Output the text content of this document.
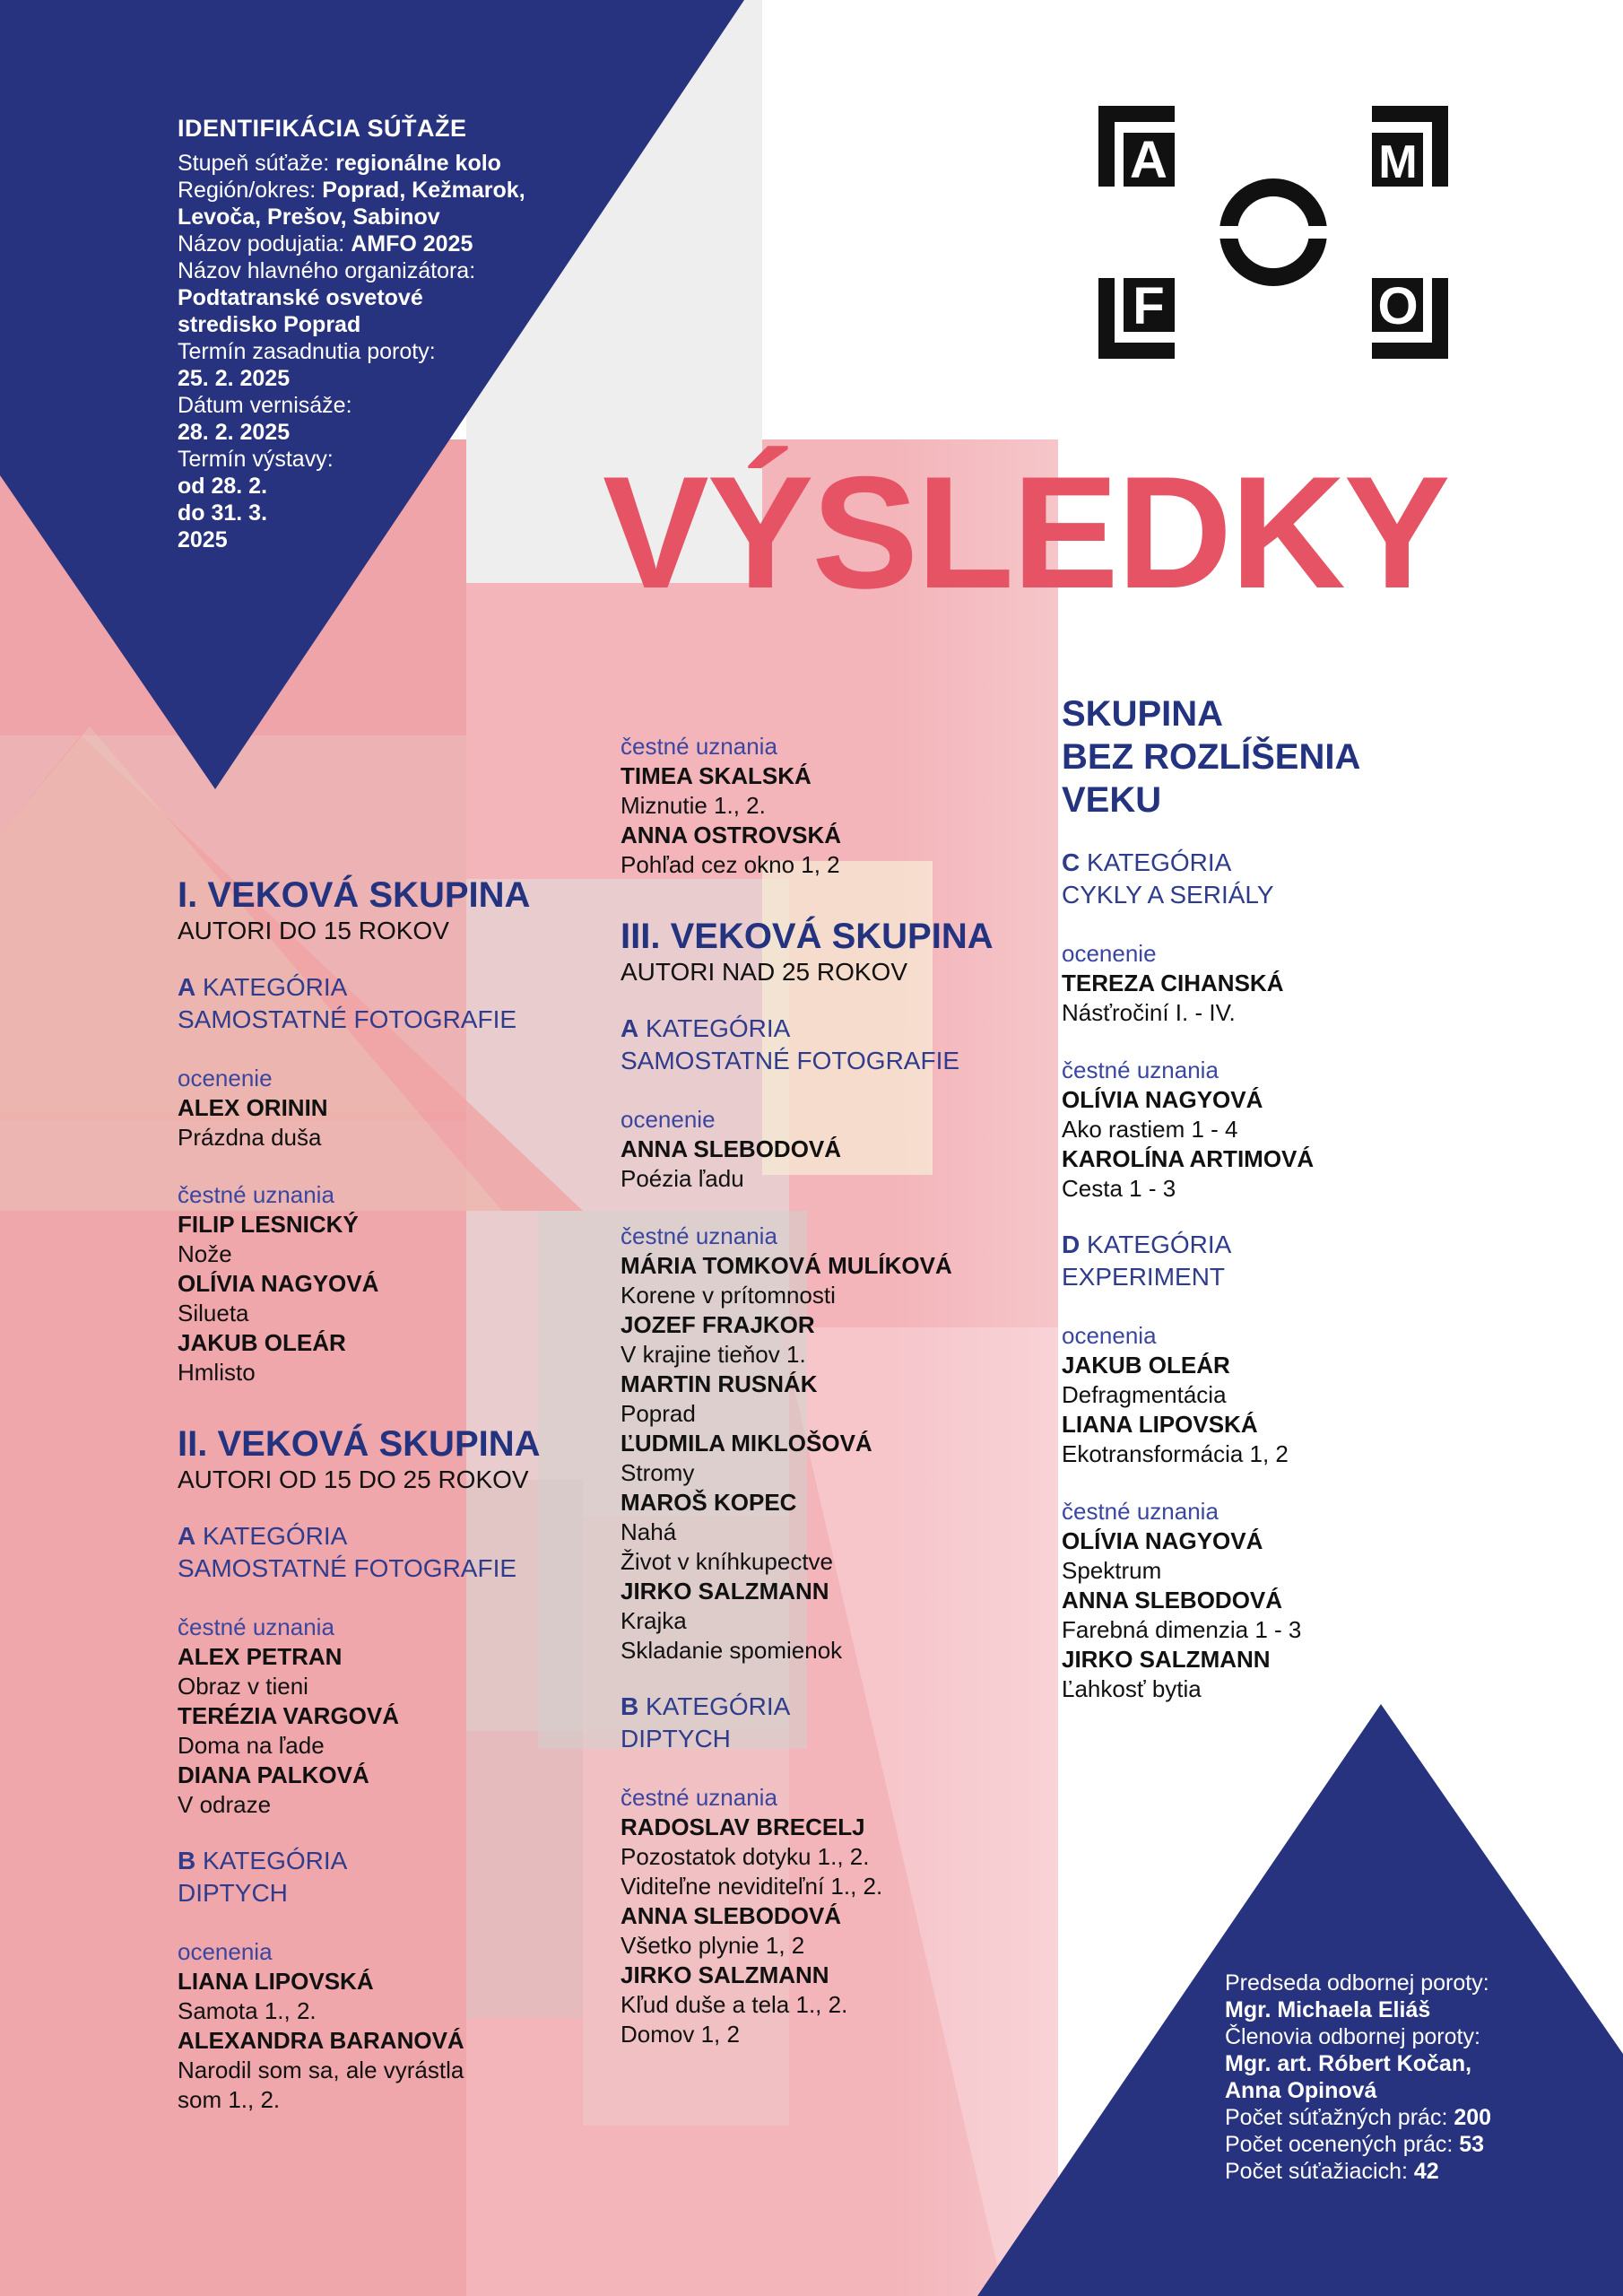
IDENTIFIKÁCIA SÚŤAŽE
Stupeň súťaže: regionálne kolo
Región/okres: Poprad, Kežmarok,
Levoča, Prešov, Sabinov
Názov podujatia: AMFO 2025
Názov hlavného organizátora:
Podtatranské osvetové
stredisko Poprad
Termín zasadnutia poroty:
25. 2. 2025
Dátum vernisáže:
28. 2. 2025
Termín výstavy:
od 28. 2.
do 31. 3.
2025
A	M
F	O
VÝSLEDKY
I. VEKOVÁ SKUPINA
AUTORI DO 15 ROKOV
A KATEGÓRIA
SAMOSTATNÉ FOTOGRAFIE
ocenenie
ALEX ORININ
Prázdna duša
čestné uznania
FILIP LESNICKÝ
Nože
OLÍVIA NAGYOVÁ
Silueta
JAKUB OLEÁR
Hmlisto
II. VEKOVÁ SKUPINA
AUTORI OD 15 DO 25 ROKOV
A KATEGÓRIA
SAMOSTATNÉ FOTOGRAFIE
čestné uznania
ALEX PETRAN
Obraz v tieni
TERÉZIA VARGOVÁ
Doma na ľade
DIANA PALKOVÁ
V odraze
B KATEGÓRIA
DIPTYCH
ocenenia
LIANA LIPOVSKÁ
Samota 1., 2.
ALEXANDRA BARANOVÁ
Narodil som sa, ale vyrástla
som 1., 2.
čestné uznania
TIMEA SKALSKÁ
Miznutie 1., 2.
ANNA OSTROVSKÁ
Pohľad cez okno 1, 2
III. VEKOVÁ SKUPINA
AUTORI NAD 25 ROKOV
A KATEGÓRIA
SAMOSTATNÉ FOTOGRAFIE
ocenenie
ANNA SLEBODOVÁ
Poézia ľadu
čestné uznania
MÁRIA TOMKOVÁ MULÍKOVÁ
Korene v prítomnosti
JOZEF FRAJKOR
V krajine tieňov 1.
MARTIN RUSNÁK
Poprad
ĽUDMILA MIKLOŠOVÁ
Stromy
MAROŠ KOPEC
Nahá
Život v kníhkupectve
JIRKO SALZMANN
Krajka
Skladanie spomienok
B KATEGÓRIA
DIPTYCH
čestné uznania
RADOSLAV BRECELJ
Pozostatok dotyku 1., 2.
Viditeľne neviditeľní 1., 2.
ANNA SLEBODOVÁ
Všetko plynie 1, 2
JIRKO SALZMANN
Kľud duše a tela 1., 2.
Domov 1, 2
SKUPINA
BEZ ROZLÍŠENIA
VEKU
C KATEGÓRIA
CYKLY A SERIÁLY
ocenenie
TEREZA CIHANSKÁ
Násťročiní I. - IV.
čestné uznania
OLÍVIA NAGYOVÁ
Ako rastiem 1 - 4
KAROLÍNA ARTIMOVÁ
Cesta 1 - 3
D KATEGÓRIA
EXPERIMENT
ocenenia
JAKUB OLEÁR
Defragmentácia
LIANA LIPOVSKÁ
Ekotransformácia 1, 2
čestné uznania
OLÍVIA NAGYOVÁ
Spektrum
ANNA SLEBODOVÁ
Farebná dimenzia 1 - 3
JIRKO SALZMANN
Ľahkosť bytia
Predseda odbornej poroty:
Mgr. Michaela Eliáš
Členovia odbornej poroty:
Mgr. art. Róbert Kočan,
Anna Opinová
Počet súťažných prác: 200
Počet ocenených prác: 53
Počet súťažiacich: 42
